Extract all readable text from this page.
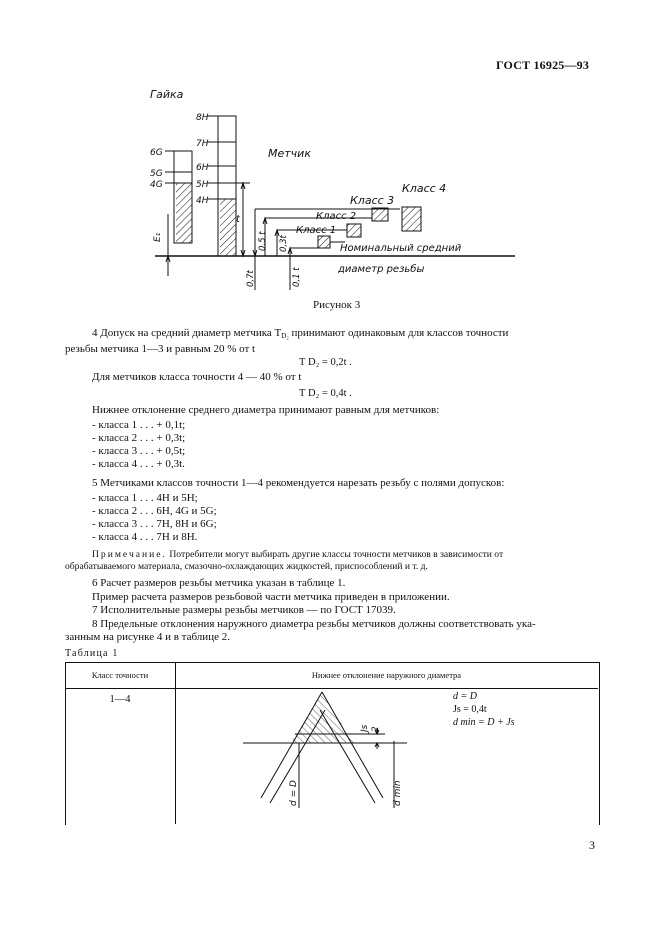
ГОСТ 16925—93
Гайка
Метчик
Класс 4
Класс 3
Класс 2
Класс 1
Номинальный средний
диаметр резьбы
8H
7H
6H
5H
4H
6G
5G
4G
E₁
t
0,5 t 0,3t
0,7t	0,1 t
Рисунок 3
4 Допуск на средний диаметр метчика $Т_{D_2}$ принимают одинаковым для классов точности
резьбы метчика 1—3 и равным 20 % от t
Т D₂ = 0,2t .
Для метчиков класса точности 4 — 40 % от t
Т D₂ = 0,4t .
Нижнее отклонение среднего диаметра принимают равным для метчиков:
- класса 1 . . . + 0,1t;
- класса 2 . . . + 0,3t;
- класса 3 . . . + 0,5t;
- класса 4 . . . + 0,3t.
5 Метчиками классов точности 1—4 рекомендуется нарезать резьбу с полями допусков:
- класса 1 . . . 4H и 5H;
- класса 2 . . . 6H, 4G и 5G;
- класса 3 . . . 7H, 8H и 6G;
- класса 4 . . . 7H и 8H.
Примечание. Потребители могут выбирать другие классы точности метчиков в зависимости от
обрабатываемого материала, смазочно-охлаждающих жидкостей, приспособлений и т. д.
6 Расчет размеров резьбы метчика указан в таблице 1.
Пример расчета размеров резьбовой части метчика приведен в приложении.
7 Исполнительные размеры резьбы метчиков — по ГОСТ 17039.
8 Предельные отклонения наружного диаметра резьбы метчиков должны соответствовать ука-
занным на рисунке 4 и в таблице 2.
Таблица 1
Класс точности	Нижнее отклонение наружного диаметра
1—4	d = D
Js = 0,4t
d min = D + Js
Js 2
d = D	d min
3
